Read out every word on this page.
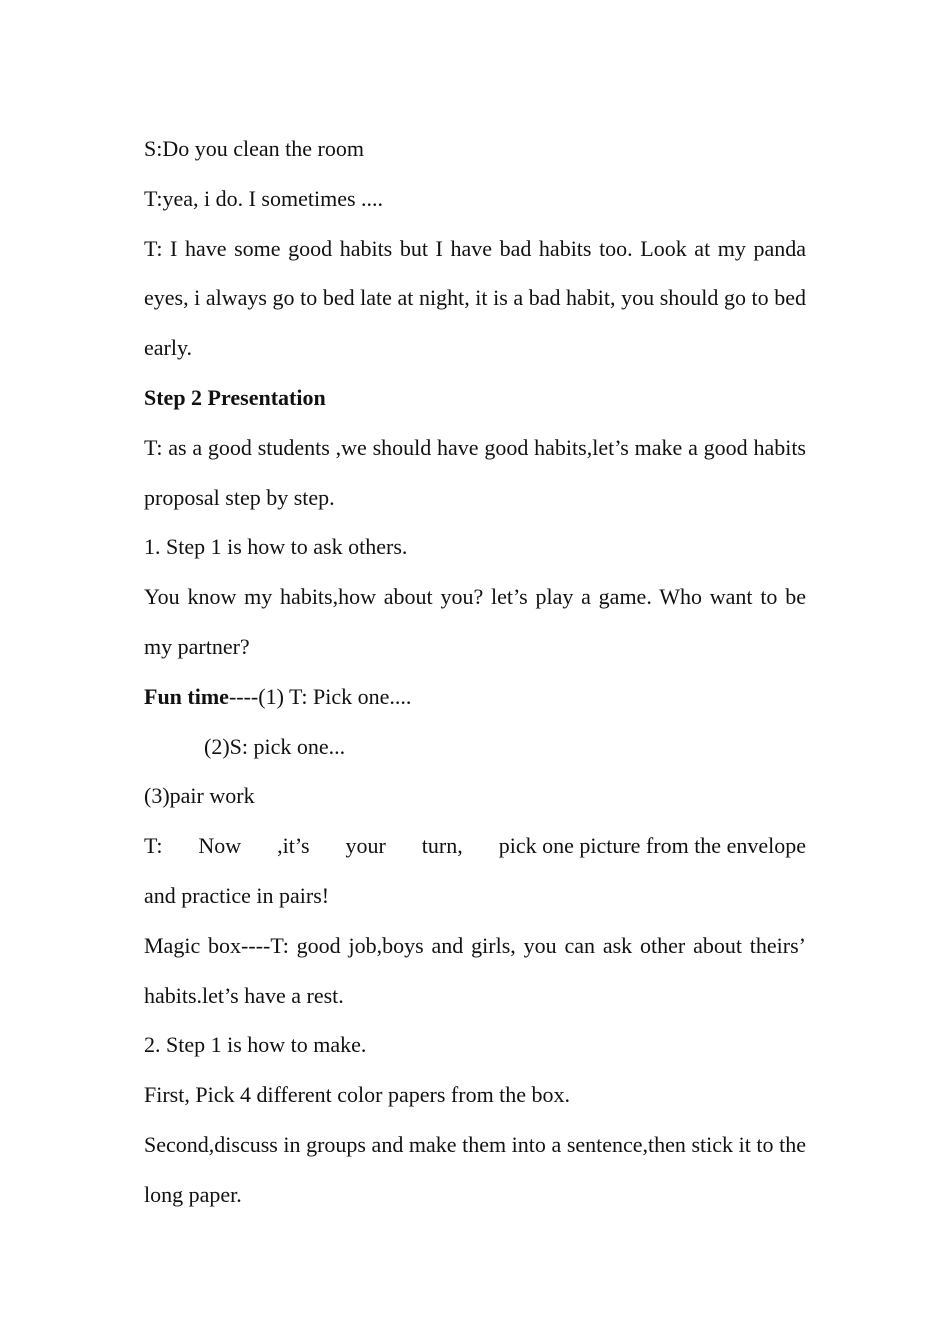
S:Do you clean the room

T:yea, i do. I sometimes ....

T: I have some good habits but I have bad habits too. Look at my panda eyes, i always go to bed late at night, it is a bad habit, you should go to bed early.

Step 2 Presentation

T: as a good students ,we should have good habits,let’s make a good habits proposal step by step.

1. Step 1 is how to ask others.

You know my habits,how about you? let’s play a game. Who want to be my partner?

Fun time----(1) T: Pick one....

(2)S: pick one...

(3)pair work

T: Now ,it’s your turn, pick one picture from the envelope

and practice in pairs!

Magic box----T: good job,boys and girls, you can ask other about theirs’ habits.let’s have a rest.

2. Step 1 is how to make.

First, Pick 4 different color papers from the box.

Second,discuss in groups and make them into a sentence,then stick it to the long paper.
